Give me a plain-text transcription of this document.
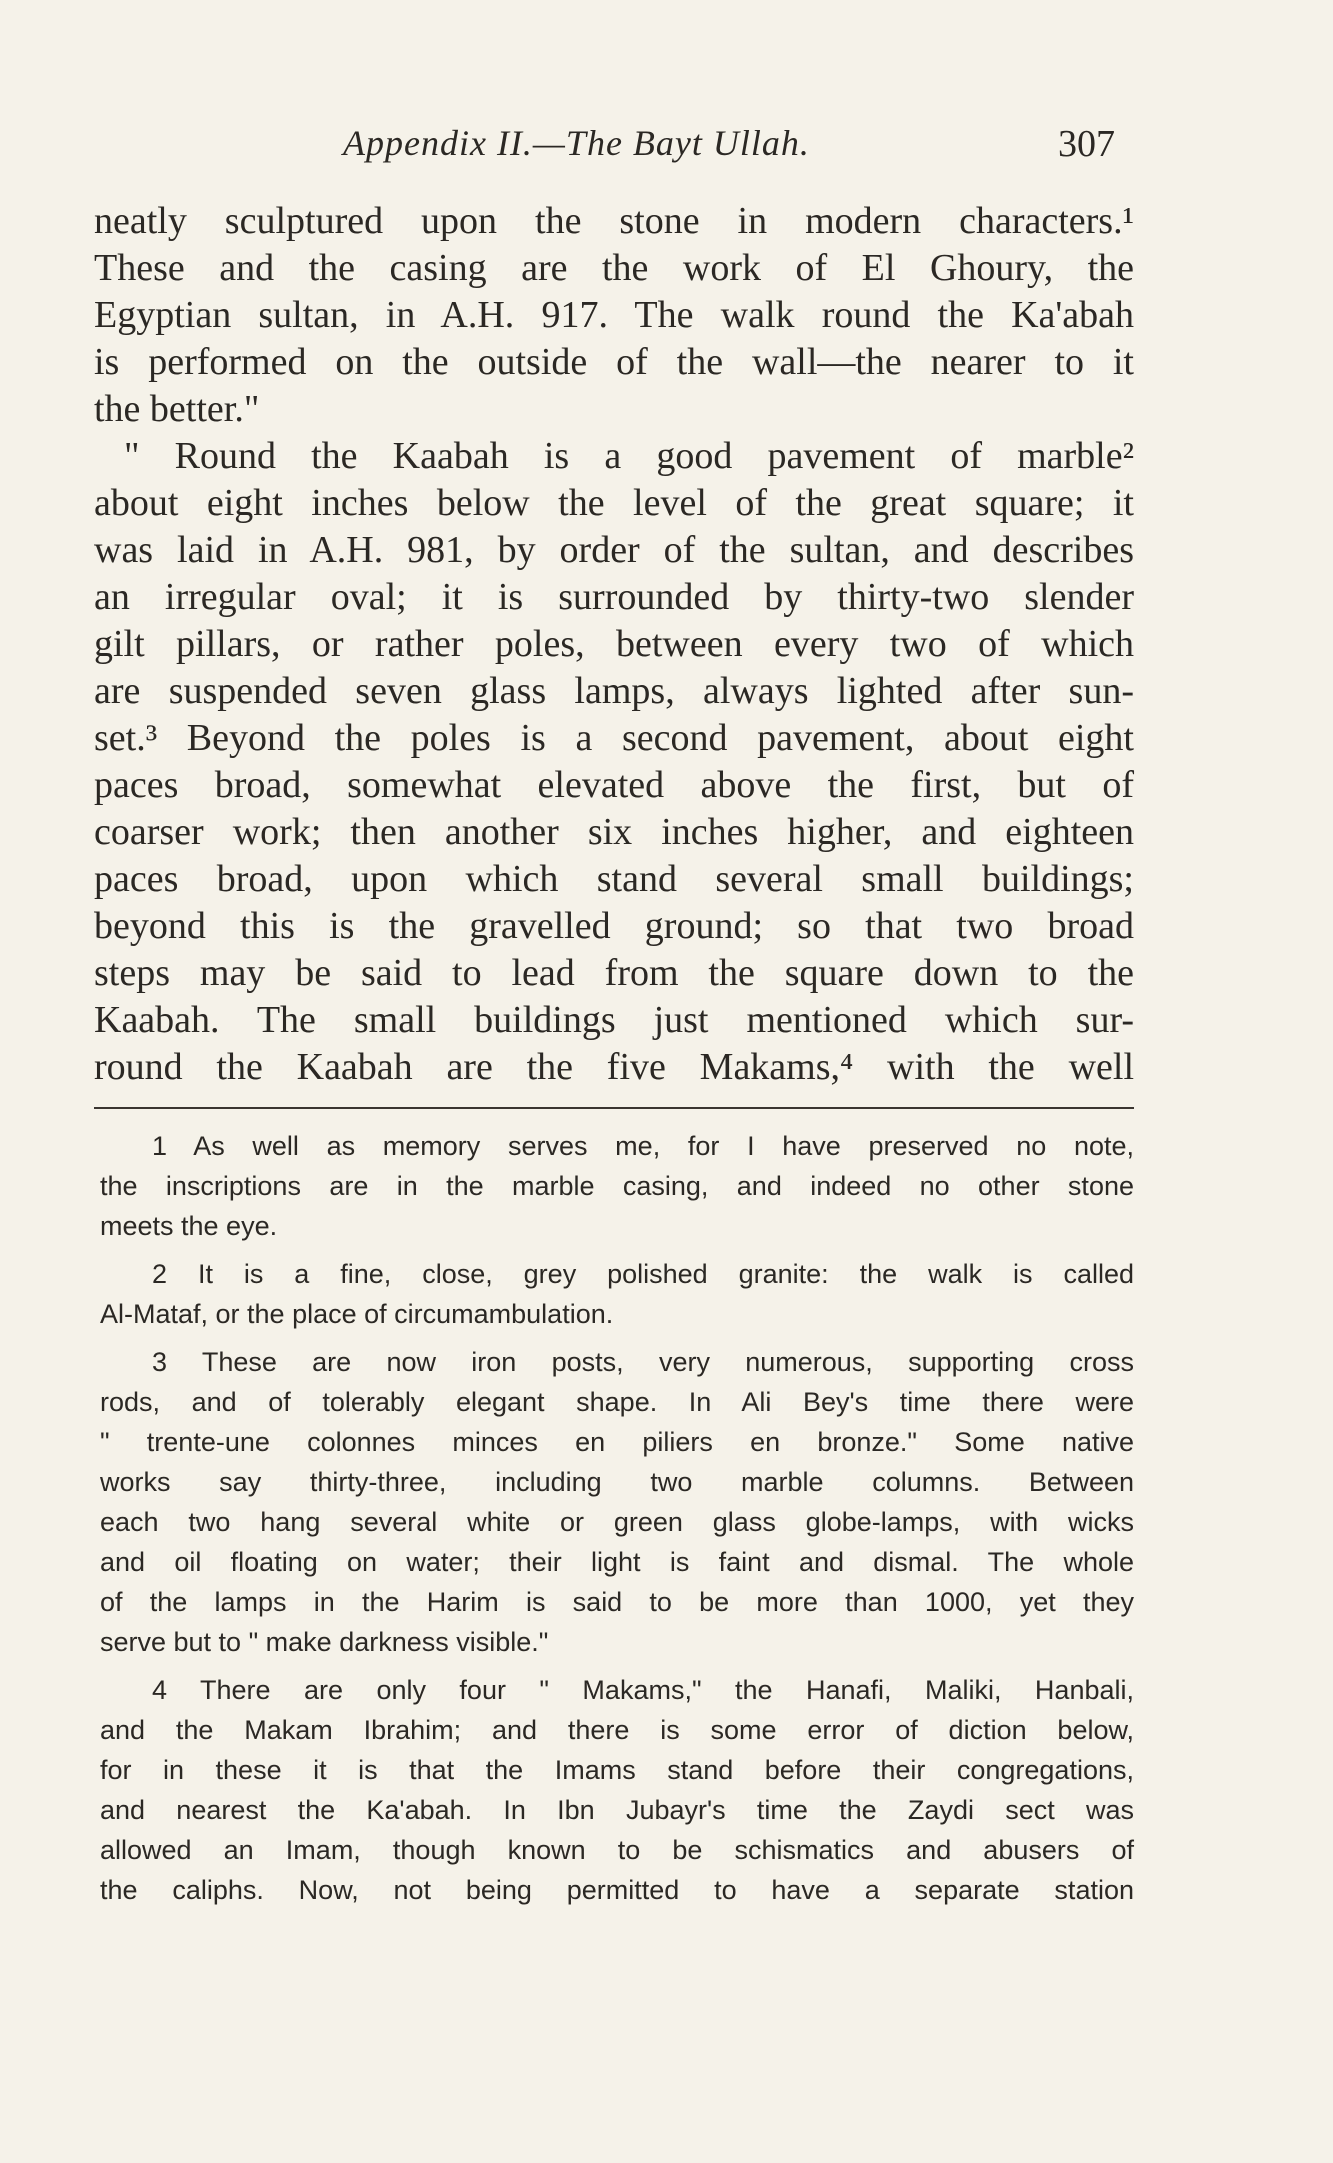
Appendix II.—The Bayt Ullah.	307
neatly sculptured upon the stone in modern characters.¹
These and the casing are the work of El Ghoury, the
Egyptian sultan, in A.H. 917. The walk round the Ka'abah
is performed on the outside of the wall—the nearer to it
the better."
" Round the Kaabah is a good pavement of marble²
about eight inches below the level of the great square; it
was laid in A.H. 981, by order of the sultan, and describes
an irregular oval; it is surrounded by thirty-two slender
gilt pillars, or rather poles, between every two of which
are suspended seven glass lamps, always lighted after sun-
set.³ Beyond the poles is a second pavement, about eight
paces broad, somewhat elevated above the first, but of
coarser work; then another six inches higher, and eighteen
paces broad, upon which stand several small buildings;
beyond this is the gravelled ground; so that two broad
steps may be said to lead from the square down to the
Kaabah. The small buildings just mentioned which sur-
round the Kaabah are the five Makams,⁴ with the well
1 As well as memory serves me, for I have preserved no note,
the inscriptions are in the marble casing, and indeed no other stone
meets the eye.
2 It is a fine, close, grey polished granite: the walk is called
Al-Mataf, or the place of circumambulation.
3 These are now iron posts, very numerous, supporting cross
rods, and of tolerably elegant shape. In Ali Bey's time there were
" trente-une colonnes minces en piliers en bronze." Some native
works say thirty-three, including two marble columns. Between
each two hang several white or green glass globe-lamps, with wicks
and oil floating on water; their light is faint and dismal. The whole
of the lamps in the Harim is said to be more than 1000, yet they
serve but to " make darkness visible."
4 There are only four " Makams," the Hanafi, Maliki, Hanbali,
and the Makam Ibrahim; and there is some error of diction below,
for in these it is that the Imams stand before their congregations,
and nearest the Ka'abah. In Ibn Jubayr's time the Zaydi sect was
allowed an Imam, though known to be schismatics and abusers of
the caliphs. Now, not being permitted to have a separate station
